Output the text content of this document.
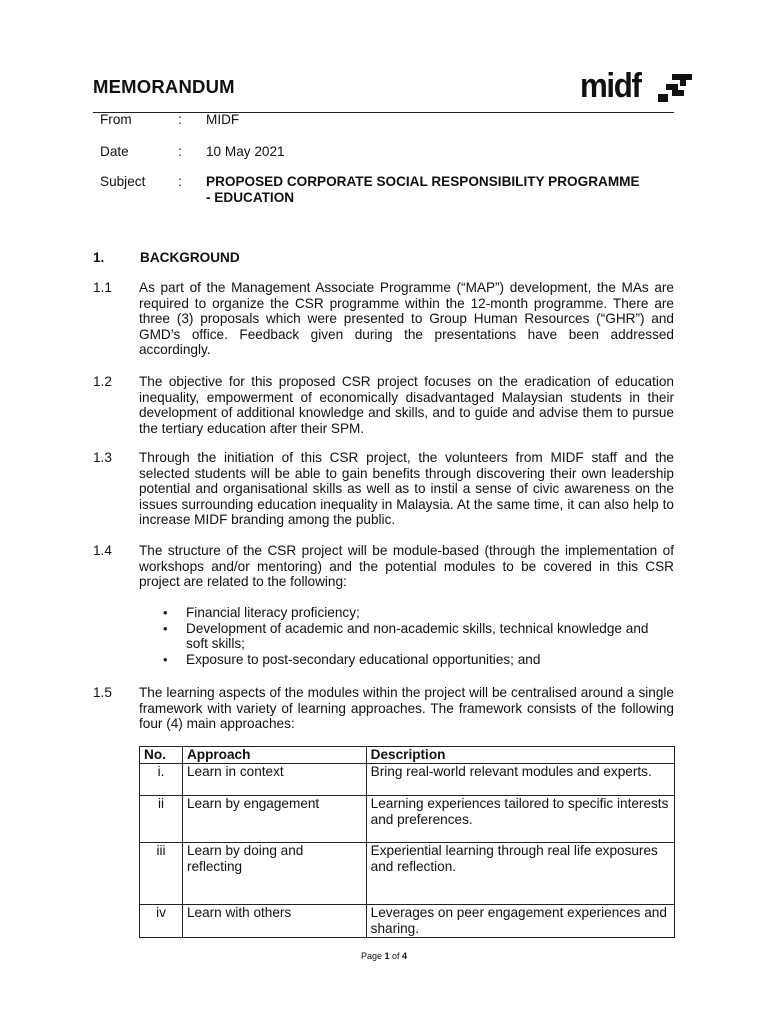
MEMORANDUM	midf
From	: MIDF
Date	: 10 May 2021
Subject : PROPOSED CORPORATE SOCIAL RESPONSIBILITY PROGRAMME
- EDUCATION
1.	BACKGROUND
1.1 As part of the Management Associate Programme (“MAP”) development, the MAs are required to organize the CSR programme within the 12-month programme. There are three (3) proposals which were presented to Group Human Resources (“GHR”) and GMD’s office. Feedback given during the presentations have been addressed accordingly.
1.2 The objective for this proposed CSR project focuses on the eradication of education inequality, empowerment of economically disadvantaged Malaysian students in their development of additional knowledge and skills, and to guide and advise them to pursue the tertiary education after their SPM.
1.3 Through the initiation of this CSR project, the volunteers from MIDF staff and the selected students will be able to gain benefits through discovering their own leadership potential and organisational skills as well as to instil a sense of civic awareness on the issues surrounding education inequality in Malaysia. At the same time, it can also help to increase MIDF branding among the public.
1.4 The structure of the CSR project will be module-based (through the implementation of workshops and/or mentoring) and the potential modules to be covered in this CSR project are related to the following:
• Financial literacy proficiency;
• Development of academic and non-academic skills, technical knowledge and soft skills;
• Exposure to post-secondary educational opportunities; and
1.5 The learning aspects of the modules within the project will be centralised around a single framework with variety of learning approaches. The framework consists of the following four (4) main approaches:
No.	Approach	Description
i.	Learn in context	Bring real-world relevant modules and experts.
ii	Learn by engagement	Learning experiences tailored to specific interests and preferences.
iii	Learn by doing and reflecting	Experiential learning through real life exposures and reflection.
iv	Learn with others	Leverages on peer engagement experiences and sharing.
Page 1 of 4
